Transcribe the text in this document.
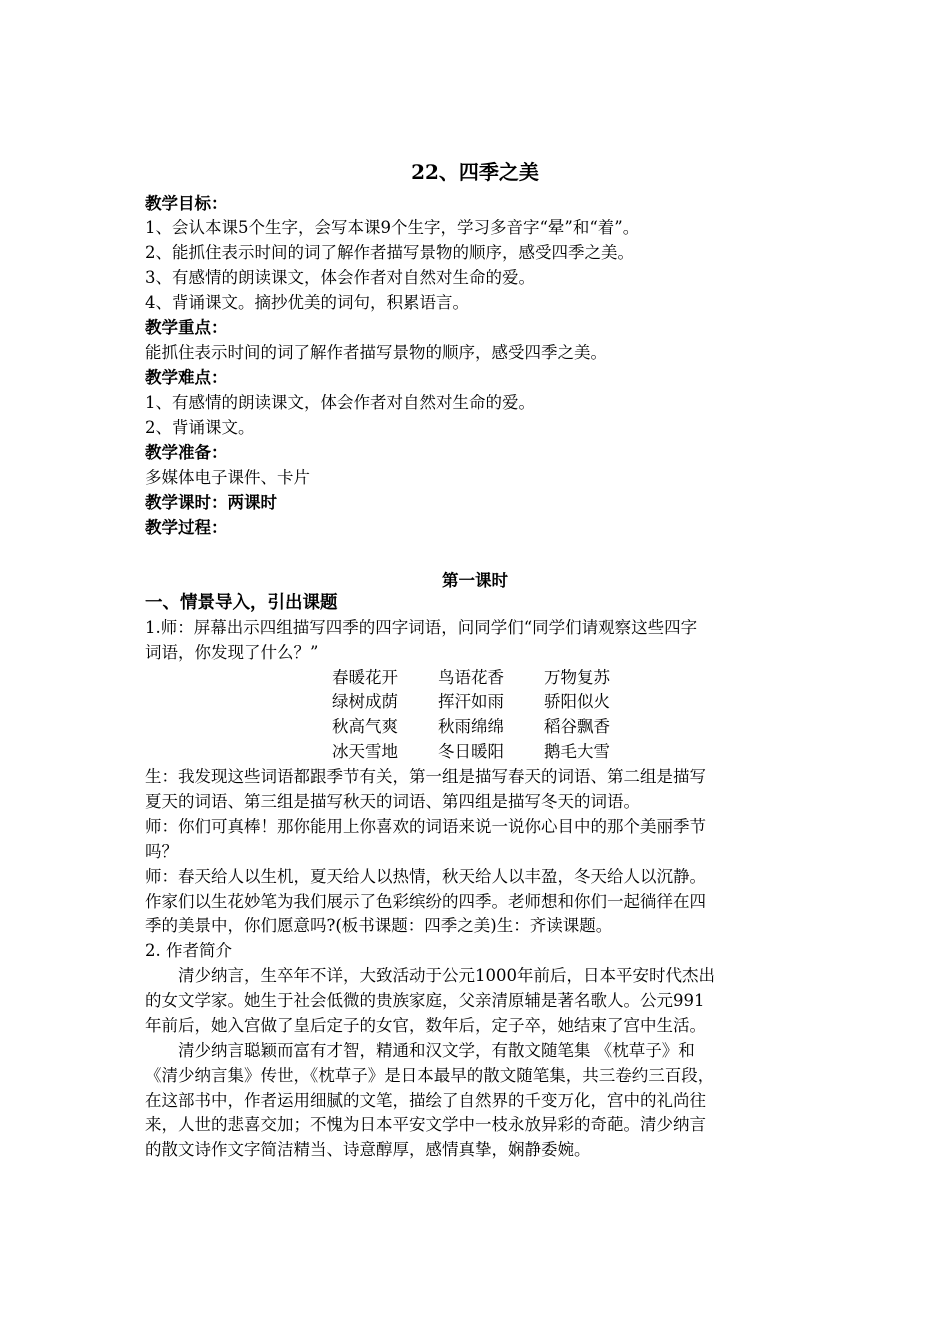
22、四季之美
教学目标：
1、会认本课5个生字，会写本课9个生字，学习多音字“晕”和“着”。
2、能抓住表示时间的词了解作者描写景物的顺序，感受四季之美。
3、有感情的朗读课文，体会作者对自然对生命的爱。
4、背诵课文。摘抄优美的词句，积累语言。
教学重点：
能抓住表示时间的词了解作者描写景物的顺序，感受四季之美。
教学难点：
1、有感情的朗读课文，体会作者对自然对生命的爱。
2、背诵课文。
教学准备：
多媒体电子课件、卡片
教学课时：两课时
教学过程：
第一课时
一、情景导入，引出课题
1.师：屏幕出示四组描写四季的四字词语，问同学们“同学们请观察这些四字
词语，你发现了什么？”
春暖花开 鸟语花香 万物复苏
绿树成荫 挥汗如雨 骄阳似火
秋高气爽 秋雨绵绵 稻谷飘香
冰天雪地 冬日暖阳 鹅毛大雪
生：我发现这些词语都跟季节有关，第一组是描写春天的词语、第二组是描写
夏天的词语、第三组是描写秋天的词语、第四组是描写冬天的词语。
师：你们可真棒！那你能用上你喜欢的词语来说一说你心目中的那个美丽季节
吗？
师：春天给人以生机，夏天给人以热情，秋天给人以丰盈，冬天给人以沉静。
作家们以生花妙笔为我们展示了色彩缤纷的四季。老师想和你们一起徜徉在四
季的美景中，你们愿意吗?(板书课题：四季之美)生：齐读课题。
2. 作者简介
　　清少纳言，生卒年不详，大致活动于公元1000年前后，日本平安时代杰出
的女文学家。她生于社会低微的贵族家庭，父亲清原辅是著名歌人。公元991
年前后，她入宫做了皇后定子的女官，数年后，定子卒，她结束了宫中生活。
　　清少纳言聪颖而富有才智，精通和汉文学，有散文随笔集 《枕草子》和
《清少纳言集》传世，《枕草子》是日本最早的散文随笔集，共三卷约三百段，
在这部书中，作者运用细腻的文笔，描绘了自然界的千变万化，宫中的礼尚往
来，人世的悲喜交加；不愧为日本平安文学中一枝永放异彩的奇葩。清少纳言
的散文诗作文字简洁精当、诗意醇厚，感情真挚，娴静委婉。
